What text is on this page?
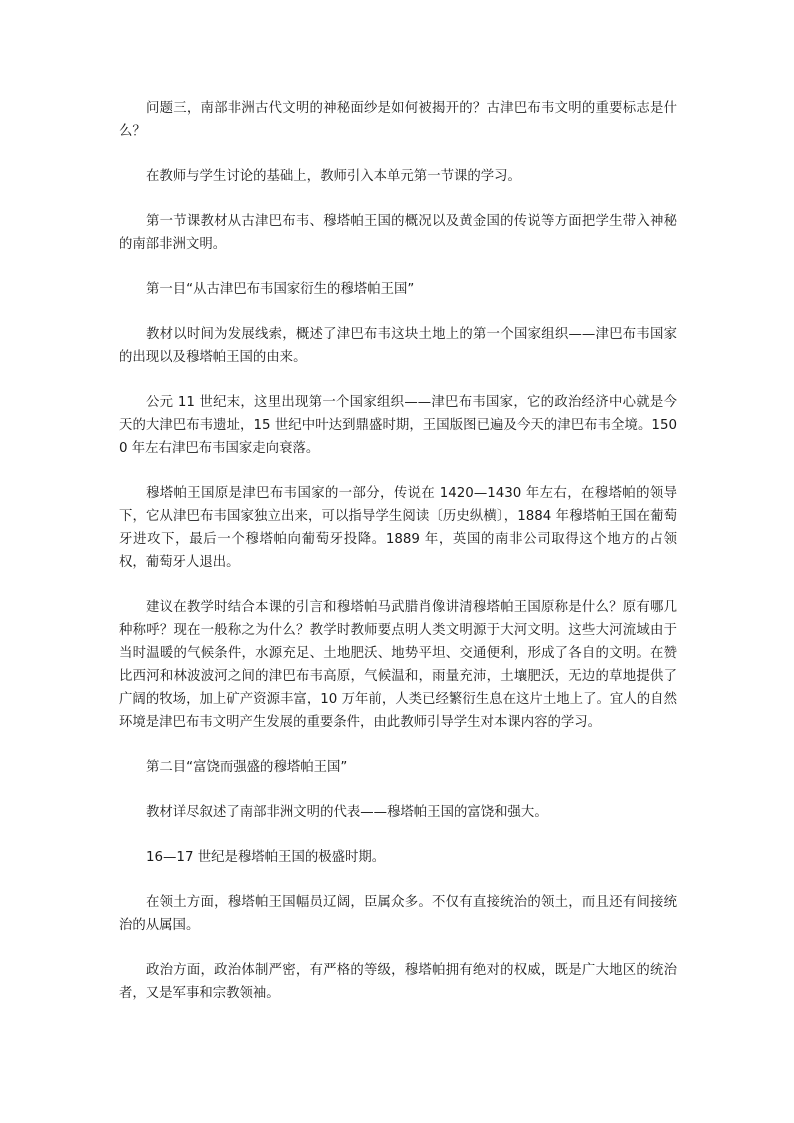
问题三，南部非洲古代文明的神秘面纱是如何被揭开的？古津巴布韦文明的重要标志是什么？

在教师与学生讨论的基础上，教师引入本单元第一节课的学习。

第一节课教材从古津巴布韦、穆塔帕王国的概况以及黄金国的传说等方面把学生带入神秘的南部非洲文明。

第一目“从古津巴布韦国家衍生的穆塔帕王国”

教材以时间为发展线索，概述了津巴布韦这块土地上的第一个国家组织——津巴布韦国家的出现以及穆塔帕王国的由来。

公元 11 世纪末，这里出现第一个国家组织——津巴布韦国家，它的政治经济中心就是今天的大津巴布韦遗址，15 世纪中叶达到鼎盛时期，王国版图已遍及今天的津巴布韦全境。1500 年左右津巴布韦国家走向衰落。

穆塔帕王国原是津巴布韦国家的一部分，传说在 1420—1430 年左右，在穆塔帕的领导下，它从津巴布韦国家独立出来，可以指导学生阅读〔历史纵横〕，1884 年穆塔帕王国在葡萄牙进攻下，最后一个穆塔帕向葡萄牙投降。1889 年，英国的南非公司取得这个地方的占领权，葡萄牙人退出。

建议在教学时结合本课的引言和穆塔帕马武腊肖像讲清穆塔帕王国原称是什么？原有哪几种称呼？现在一般称之为什么？教学时教师要点明人类文明源于大河文明。这些大河流域由于当时温暖的气候条件，水源充足、土地肥沃、地势平坦、交通便利，形成了各自的文明。在赞比西河和林波波河之间的津巴布韦高原，气候温和，雨量充沛，土壤肥沃，无边的草地提供了广阔的牧场，加上矿产资源丰富，10 万年前，人类已经繁衍生息在这片土地上了。宜人的自然环境是津巴布韦文明产生发展的重要条件，由此教师引导学生对本课内容的学习。

第二目“富饶而强盛的穆塔帕王国”

教材详尽叙述了南部非洲文明的代表——穆塔帕王国的富饶和强大。

16—17 世纪是穆塔帕王国的极盛时期。

在领土方面，穆塔帕王国幅员辽阔，臣属众多。不仅有直接统治的领土，而且还有间接统治的从属国。

政治方面，政治体制严密，有严格的等级，穆塔帕拥有绝对的权威，既是广大地区的统治者，又是军事和宗教领袖。
